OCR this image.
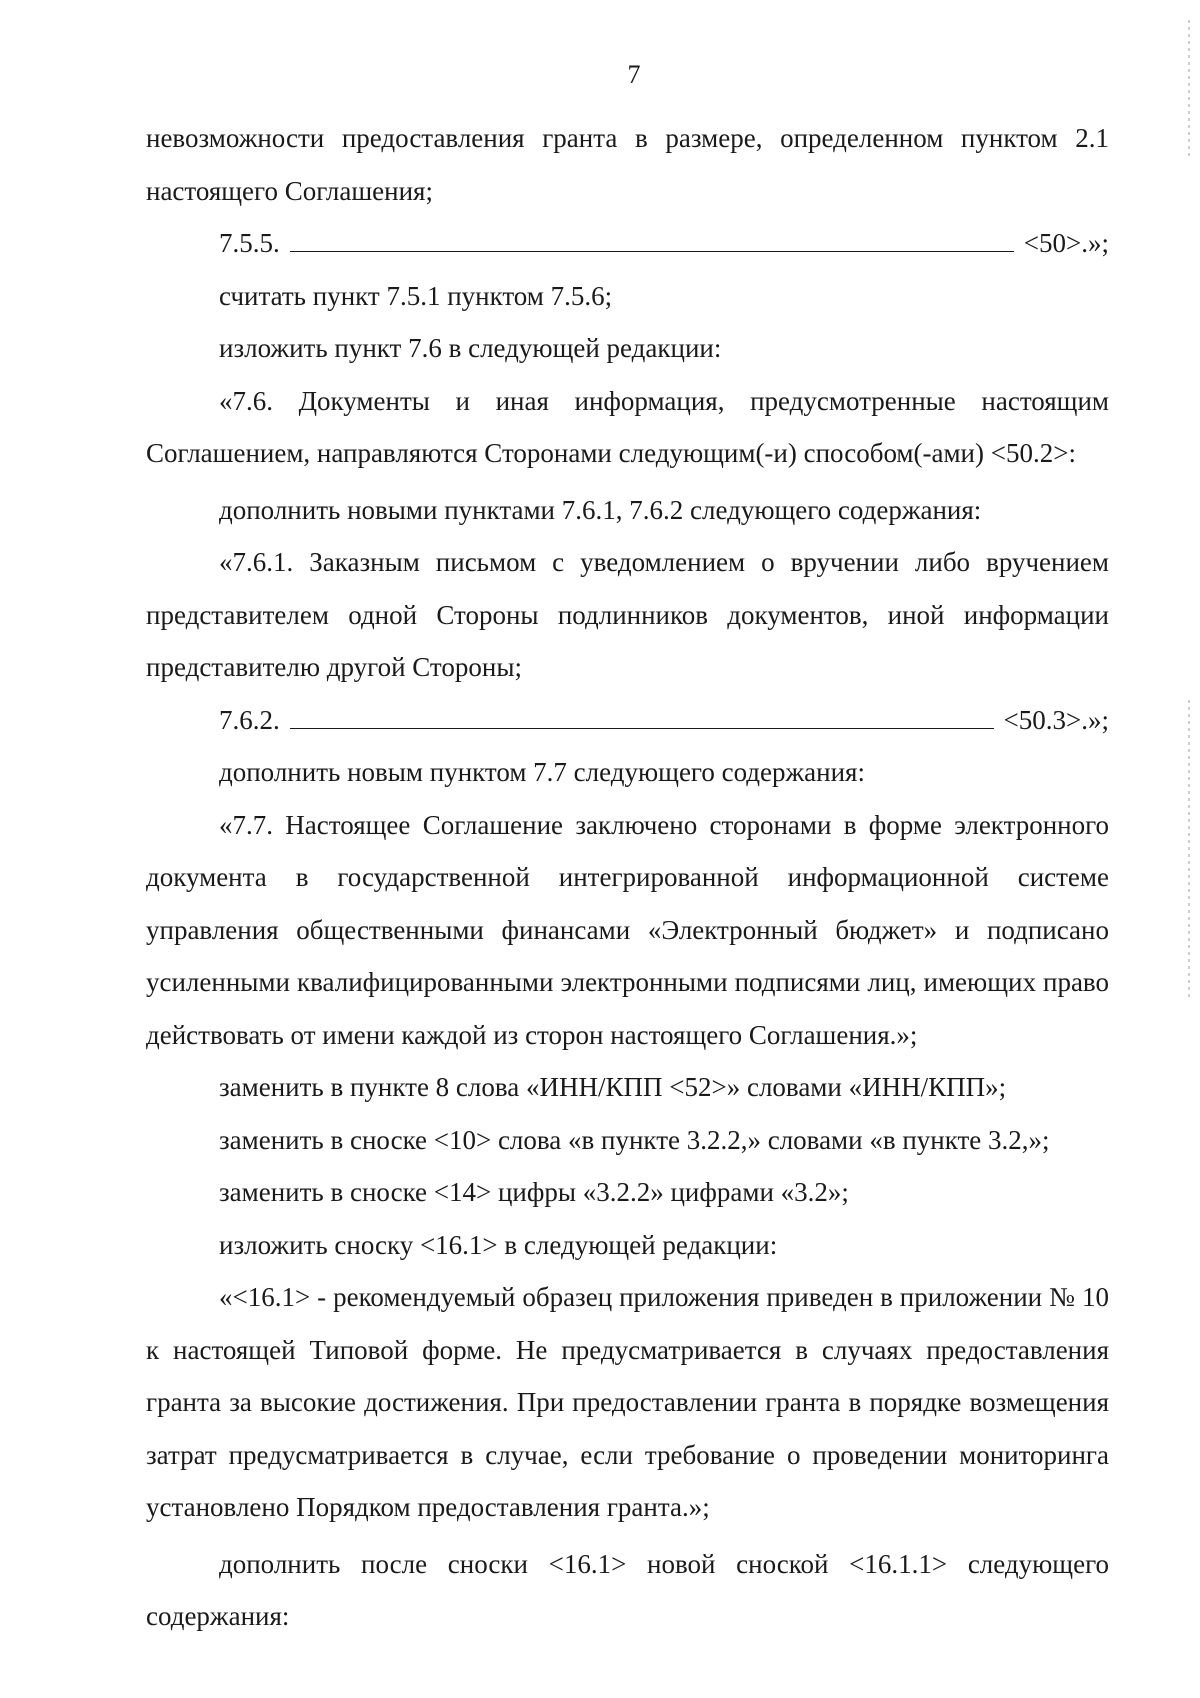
7

невозможности предоставления гранта в размере, определенном пунктом 2.1 настоящего Соглашения;

7.5.5.	<50>.»;

считать пункт 7.5.1 пунктом 7.5.6;

изложить пункт 7.6 в следующей редакции:

«7.6. Документы и иная информация, предусмотренные настоящим Соглашением, направляются Сторонами следующим(-и) способом(-ами) <50.2>:

дополнить новыми пунктами 7.6.1, 7.6.2 следующего содержания:

«7.6.1. Заказным письмом с уведомлением о вручении либо вручением представителем одной Стороны подлинников документов, иной информации представителю другой Стороны;

7.6.2.	<50.3>.»;

дополнить новым пунктом 7.7 следующего содержания:

«7.7. Настоящее Соглашение заключено сторонами в форме электронного документа в государственной интегрированной информационной системе управления общественными финансами «Электронный бюджет» и подписано усиленными квалифицированными электронными подписями лиц, имеющих право действовать от имени каждой из сторон настоящего Соглашения.»;

заменить в пункте 8 слова «ИНН/КПП <52>» словами «ИНН/КПП»;

заменить в сноске <10> слова «в пункте 3.2.2,» словами «в пункте 3.2,»;

заменить в сноске <14> цифры «3.2.2» цифрами «3.2»;

изложить сноску <16.1> в следующей редакции:

«<16.1> - рекомендуемый образец приложения приведен в приложении № 10 к настоящей Типовой форме. Не предусматривается в случаях предоставления гранта за высокие достижения. При предоставлении гранта в порядке возмещения затрат предусматривается в случае, если требование о проведении мониторинга установлено Порядком предоставления гранта.»;

дополнить после сноски <16.1> новой сноской <16.1.1> следующего содержания:
